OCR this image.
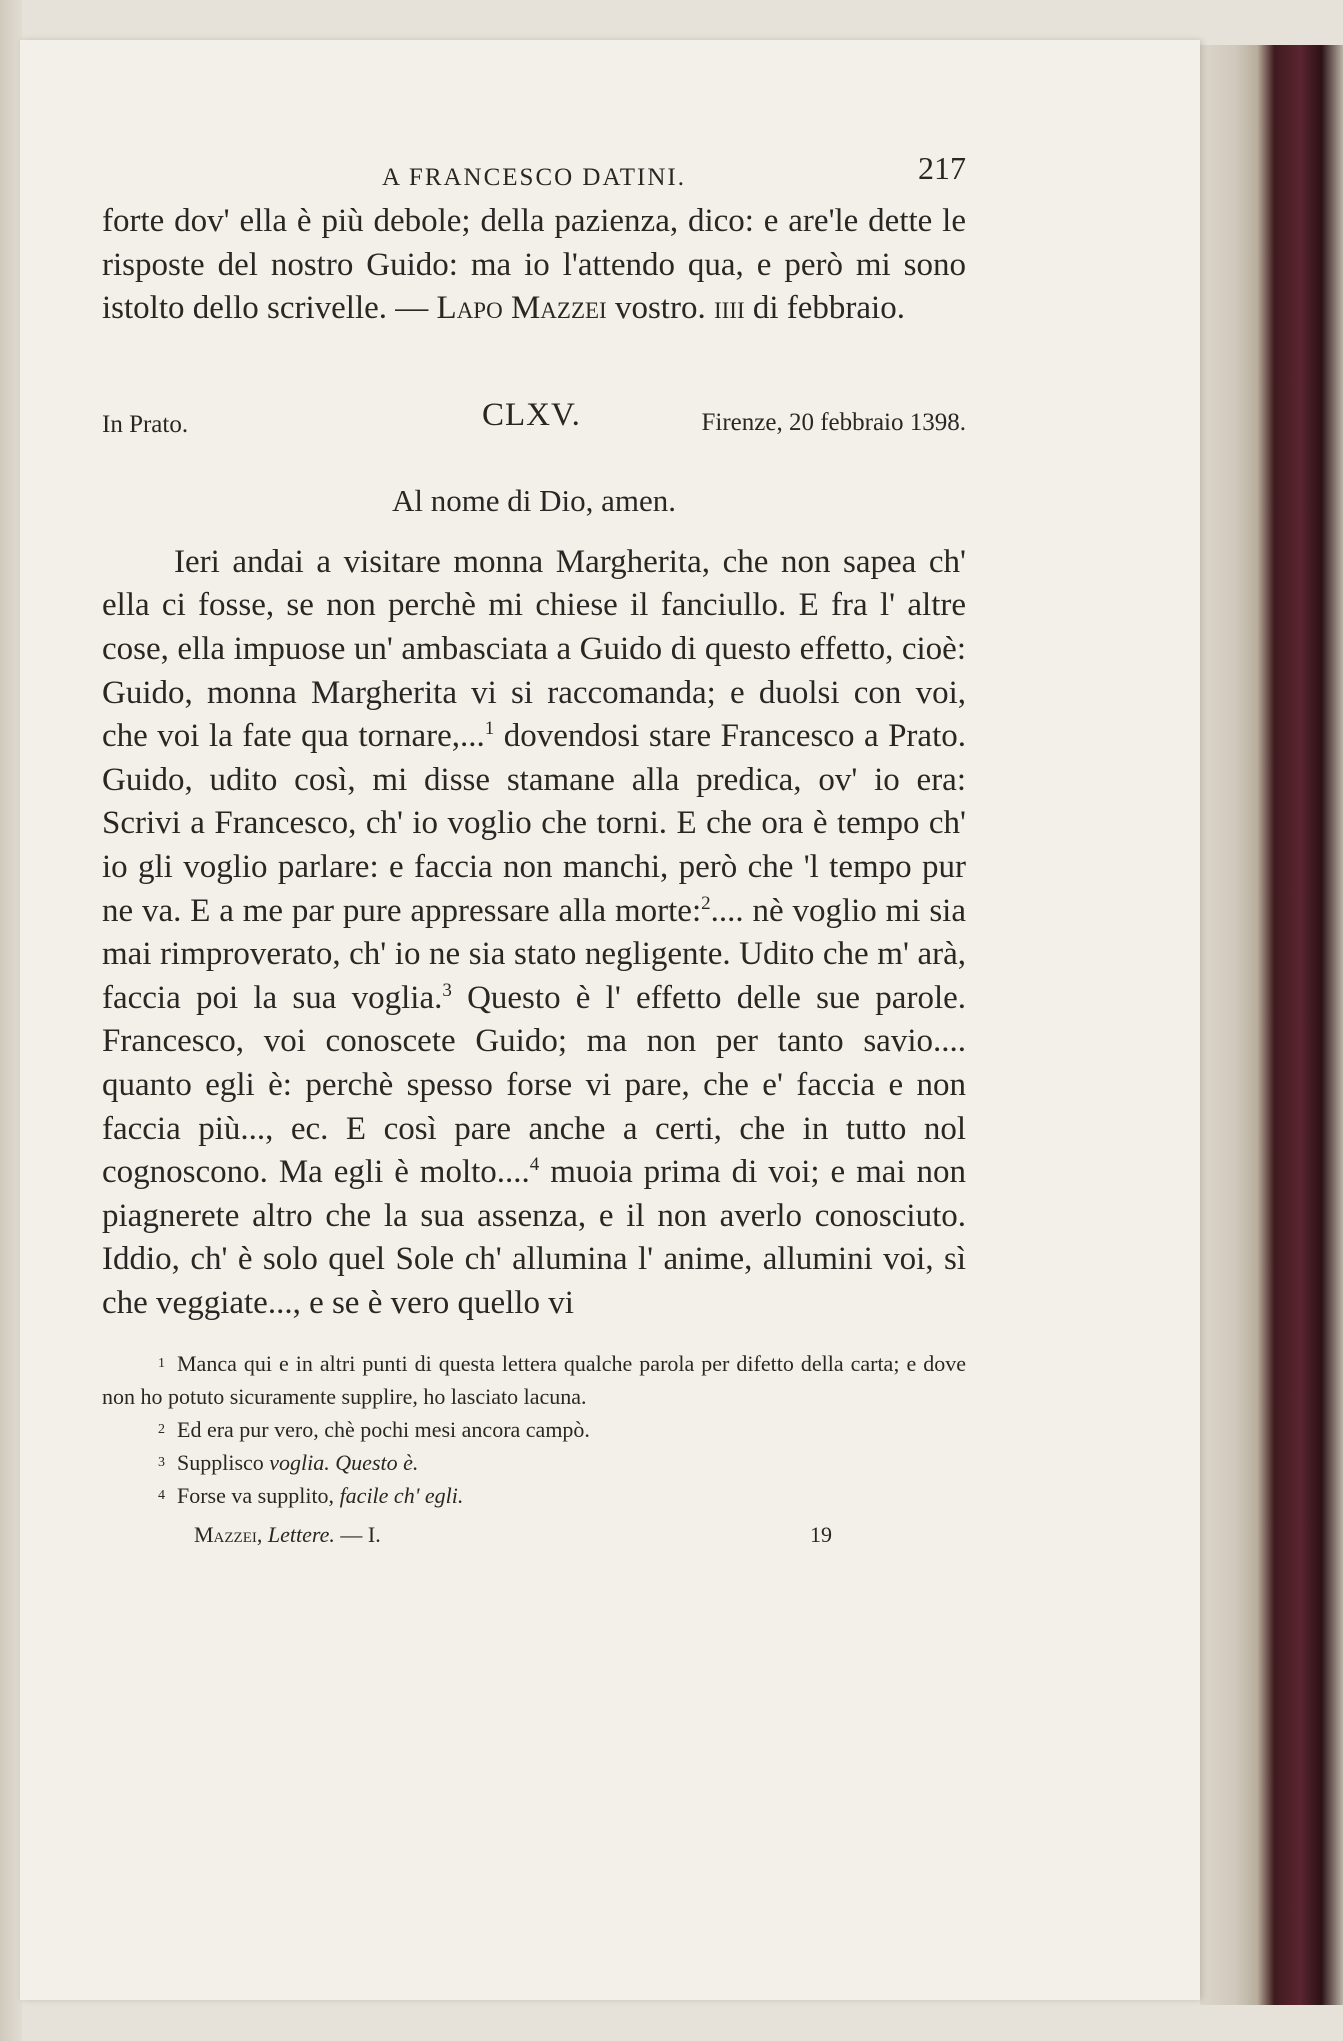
A FRANCESCO DATINI.	217

forte dov' ella è più debole; della pazienza, dico: e are'le dette le risposte del nostro Guido: ma io l'attendo qua, e però mi sono istolto dello scrivelle. — Lapo Mazzei vostro. iiii di febbraio.

In Prato.	CLXV.	Firenze, 20 febbraio 1398.

Al nome di Dio, amen.

Ieri andai a visitare monna Margherita, che non sapea ch' ella ci fosse, se non perchè mi chiese il fanciullo. E fra l' altre cose, ella impuose un' ambasciata a Guido di questo effetto, cioè: Guido, monna Margherita vi si raccomanda; e duolsi con voi, che voi la fate qua tornare,...$^1$ dovendosi stare Francesco a Prato. Guido, udito così, mi disse stamane alla predica, ov' io era: Scrivi a Francesco, ch' io voglio che torni. E che ora è tempo ch' io gli voglio parlare: e faccia non manchi, però che 'l tempo pur ne va. E a me par pure appressare alla morte:$^2$.... nè voglio mi sia mai rimproverato, ch' io ne sia stato negligente. Udito che m' arà, faccia poi la sua voglia.$^3$ Questo è l' effetto delle sue parole. Francesco, voi conoscete Guido; ma non per tanto savio.... quanto egli è: perchè spesso forse vi pare, che e' faccia e non faccia più..., ec. E così pare anche a certi, che in tutto nol cognoscono. Ma egli è molto....$^4$ muoia prima di voi; e mai non piagnerete altro che la sua assenza, e il non averlo conosciuto. Iddio, ch' è solo quel Sole ch' allumina l' anime, allumini voi, sì che veggiate..., e se è vero quello vi

$^1$ Manca qui e in altri punti di questa lettera qualche parola per difetto della carta; e dove non ho potuto sicuramente supplire, ho lasciato lacuna.

$^2$ Ed era pur vero, chè pochi mesi ancora campò.

$^3$ Supplisco voglia. Questo è.

$^4$ Forse va supplito, facile ch' egli.

Mazzei, Lettere. — I.	19
